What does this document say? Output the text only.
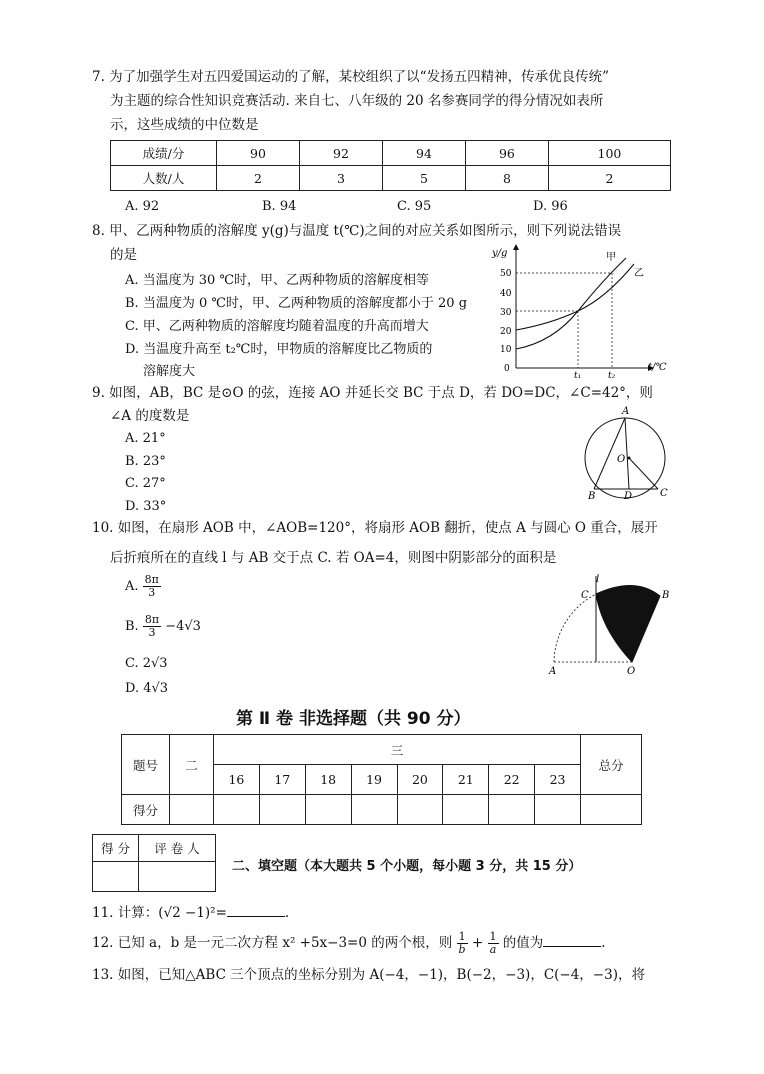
7. 为了加强学生对五四爱国运动的了解，某校组织了以“发扬五四精神，传承优良传统”
为主题的综合性知识竞赛活动. 来自七、八年级的 20 名参赛同学的得分情况如表所
示，这些成绩的中位数是
成绩/分	90	92	94	96	100
人数/人	2	3	5	8	2
A. 92	B. 94	C. 95	D. 96
8. 甲、乙两种物质的溶解度 y(g)与温度 t(℃)之间的对应关系如图所示，则下列说法错误
的是
A. 当温度为 30 ℃时，甲、乙两种物质的溶解度相等
B. 当温度为 0 ℃时，甲、乙两种物质的溶解度都小于 20 g
C. 甲、乙两种物质的溶解度均随着温度的升高而增大
D. 当温度升高至 t₂℃时，甲物质的溶解度比乙物质的
溶解度大
y/g
t/℃
50
40
30
20
10
0
t₁	t₂
甲
乙
9. 如图，AB，BC 是⊙O 的弦，连接 AO 并延长交 BC 于点 D，若 DO=DC，∠C=42°，则
∠A 的度数是
A. 21°
B. 23°
C. 27°
D. 33°
A
O
B	D	C
10. 如图，在扇形 AOB 中，∠AOB=120°，将扇形 AOB 翻折，使点 A 与圆心 O 重合，展开
后折痕所在的直线 l 与 AB 交于点 C. 若 OA=4，则图中阴影部分的面积是
A. $\frac{8\pi}{3}$
B. $\frac{8\pi}{3} -4√3$
C. 2√3
D. 4√3
l
C	B
A	O
第 Ⅱ 卷 非选择题（共 90 分）
题号	二	三								总分
		16	17	18	19	20	21	22	23	
得分										
得 分	评 卷 人

二、填空题（本大题共 5 个小题，每小题 3 分，共 15 分）
11. 计算：(√2 −1)²=	.
12. 已知 a，b 是一元二次方程 x² +5x−3=0 的两个根，则 $\frac{1}{b} + \frac{1}{a}$ 的值为	.
13. 如图，已知△ABC 三个顶点的坐标分别为 A(−4，−1)，B(−2，−3)，C(−4，−3)，将
